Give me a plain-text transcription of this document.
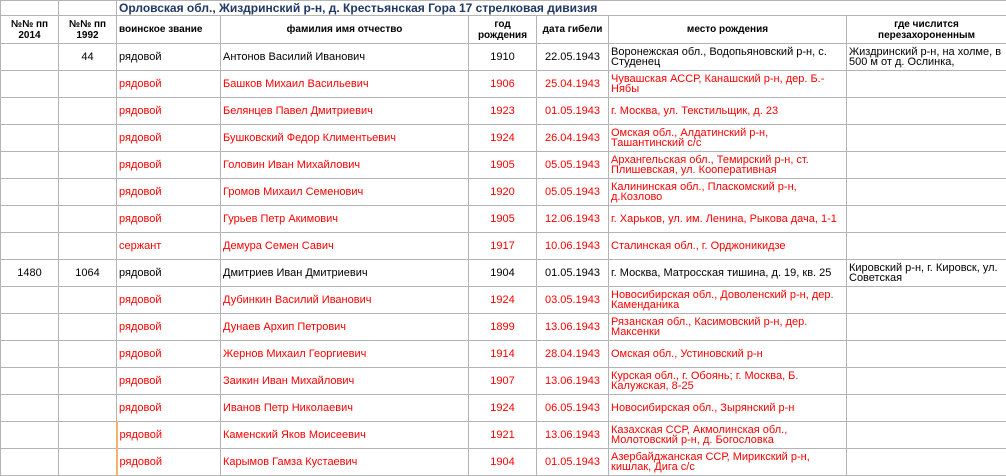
		Орловская обл., Жиздринский р-н, д. Крестьянская Гора 17 стрелковая дивизия					
№№ пп 2014	№№ пп 1992	воинское звание	фамилия имя отчество	год рождения	дата гибели	место рождения	где числится перезахороненным
	44	рядовой	Антонов Василий Иванович	1910	22.05.1943	Воронежская обл., Водопьяновский р-н, с. Студенец	Жиздринский р-н, на холме, в 500 м от д. Ослинка,
		рядовой	Башков Михаил Васильевич	1906	25.04.1943	Чувашская АССР, Канашский р-н, дер. Б.-Нябы	
		рядовой	Белянцев Павел Дмитриевич	1923	01.05.1943	г. Москва, ул. Текстильщик, д. 23	
		рядовой	Бушковский Федор Климентьевич	1924	26.04.1943	Омская обл., Алдатинский р-н, Ташантинский с/с	
		рядовой	Головин Иван Михайлович	1905	05.05.1943	Архангельская обл., Темирский р-н, ст. Плишевская, ул. Кооперативная	
		рядовой	Громов Михаил Семенович	1920	05.05.1943	Калининская обл., Пласкомский р-н, д.Козлово	
		рядовой	Гурьев Петр Акимович	1905	12.06.1943	г. Харьков, ул. им. Ленина, Рыкова дача, 1-1	
		сержант	Демура Семен Савич	1917	10.06.1943	Сталинская обл., г. Орджоникидзе	
1480	1064	рядовой	Дмитриев Иван Дмитриевич	1904	01.05.1943	г. Москва, Матросская тишина, д. 19, кв. 25	Кировский р-н, г. Кировск, ул. Советская
		рядовой	Дубинкин Василий Иванович	1924	03.05.1943	Новосибирская обл., Доволенский р-н, дер. Каменданика	
		рядовой	Дунаев Архип Петрович	1899	13.06.1943	Рязанская обл., Касимовский р-н, дер. Максенки	
		рядовой	Жернов Михаил Георгиевич	1914	28.04.1943	Омская обл., Устиновский р-н	
		рядовой	Заикин Иван Михайлович	1907	13.06.1943	Курская обл., г. Обоянь; г. Москва, Б. Калужская, 8-25	
		рядовой	Иванов Петр Николаевич	1924	06.05.1943	Новосибирская обл., Зырянский р-н	
		рядовой	Каменский Яков Моисеевич	1921	13.06.1943	Казахская ССР, Акмолинская обл., Молотовский р-н, д. Богословка	
		рядовой	Карымов Гамза Кустаевич	1904	01.05.1943	Азербайджанская ССР, Мирикский р-н, кишлак, Дига с/с	
